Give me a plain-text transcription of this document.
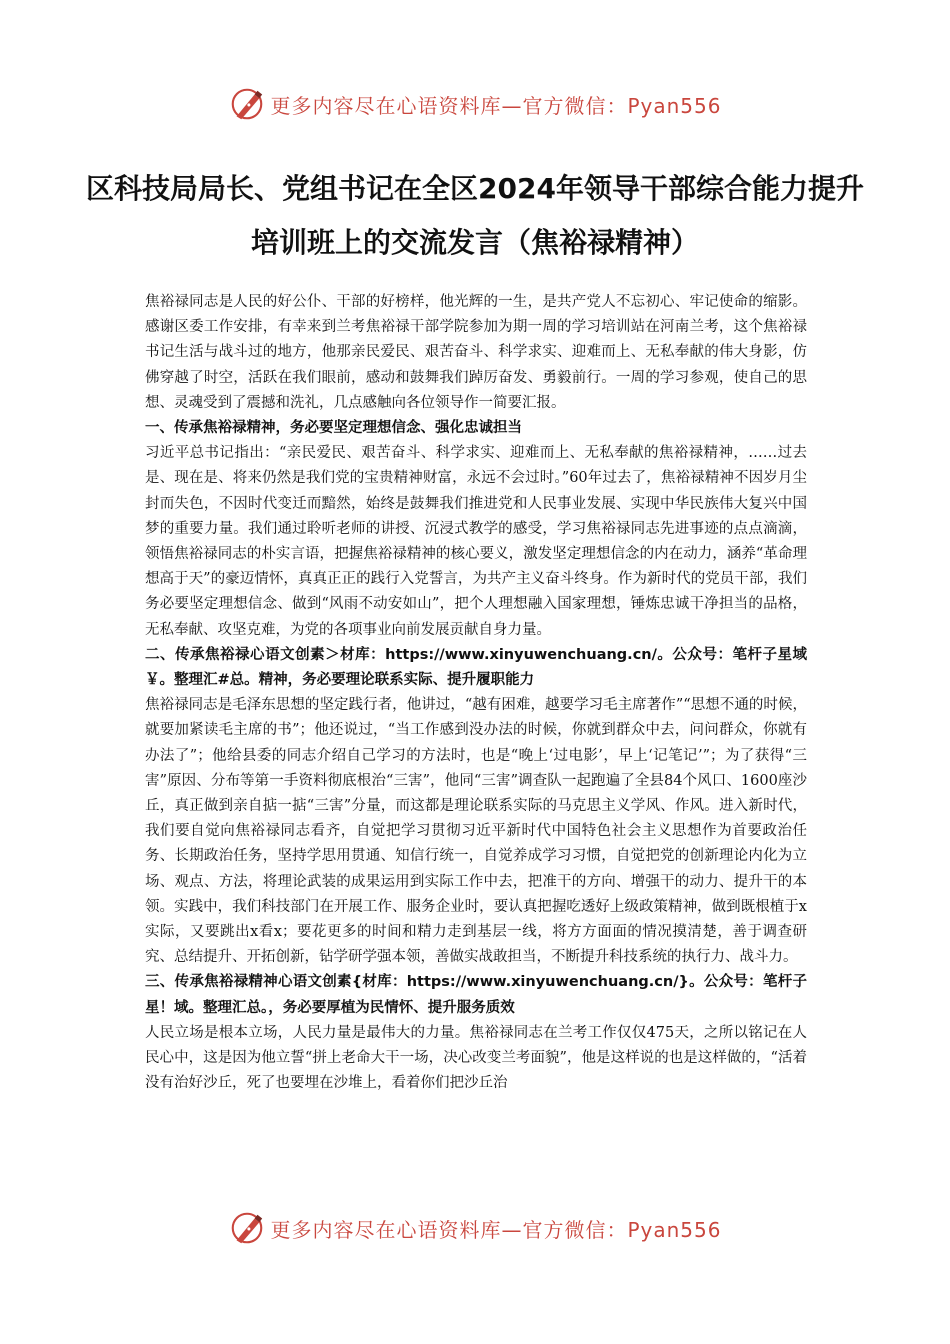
更多内容尽在心语资料库—官方微信：Pyan556
区科技局局长、党组书记在全区2024年领导干部综合能力提升培训班上的交流发言（焦裕禄精神）

焦裕禄同志是人民的好公仆、干部的好榜样，他光辉的一生，是共产党人不忘初心、牢记使命的缩影。感谢区委工作安排，有幸来到兰考焦裕禄干部学院参加为期一周的学习培训站在河南兰考，这个焦裕禄书记生活与战斗过的地方，他那亲民爱民、艰苦奋斗、科学求实、迎难而上、无私奉献的伟大身影，仿佛穿越了时空，活跃在我们眼前，感动和鼓舞我们踔厉奋发、勇毅前行。一周的学习参观，使自己的思想、灵魂受到了震撼和洗礼，几点感触向各位领导作一简要汇报。

一、传承焦裕禄精神，务必要坚定理想信念、强化忠诚担当

习近平总书记指出：“亲民爱民、艰苦奋斗、科学求实、迎难而上、无私奉献的焦裕禄精神，……过去是、现在是、将来仍然是我们党的宝贵精神财富，永远不会过时。”60年过去了，焦裕禄精神不因岁月尘封而失色，不因时代变迁而黯然，始终是鼓舞我们推进党和人民事业发展、实现中华民族伟大复兴中国梦的重要力量。我们通过聆听老师的讲授、沉浸式教学的感受，学习焦裕禄同志先进事迹的点点滴滴，领悟焦裕禄同志的朴实言语，把握焦裕禄精神的核心要义，激发坚定理想信念的内在动力，涵养“革命理想高于天”的豪迈情怀，真真正正的践行入党誓言，为共产主义奋斗终身。作为新时代的党员干部，我们务必要坚定理想信念、做到“风雨不动安如山”，把个人理想融入国家理想，锤炼忠诚干净担当的品格，无私奉献、攻坚克难，为党的各项事业向前发展贡献自身力量。

二、传承焦裕禄心语文创素＞材库：https://www.xinyuwenchuang.cn/。公众号：笔杆子星域￥。整理汇#总。精神，务必要理论联系实际、提升履职能力

焦裕禄同志是毛泽东思想的坚定践行者，他讲过，“越有困难，越要学习毛主席著作”“思想不通的时候，就要加紧读毛主席的书”；他还说过，“当工作感到没办法的时候，你就到群众中去，问问群众，你就有办法了”；他给县委的同志介绍自己学习的方法时，也是“晚上‘过电影’，早上‘记笔记’”；为了获得“三害”原因、分布等第一手资料彻底根治“三害”，他同“三害”调查队一起跑遍了全县84个风口、1600座沙丘，真正做到亲自掂一掂“三害”分量，而这都是理论联系实际的马克思主义学风、作风。进入新时代，我们要自觉向焦裕禄同志看齐，自觉把学习贯彻习近平新时代中国特色社会主义思想作为首要政治任务、长期政治任务，坚持学思用贯通、知信行统一，自觉养成学习习惯，自觉把党的创新理论内化为立场、观点、方法，将理论武装的成果运用到实际工作中去，把准干的方向、增强干的动力、提升干的本领。实践中，我们科技部门在开展工作、服务企业时，要认真把握吃透好上级政策精神，做到既根植于x实际，又要跳出x看x；要花更多的时间和精力走到基层一线，将方方面面的情况摸清楚，善于调查研究、总结提升、开拓创新，钻学研学强本领，善做实战敢担当，不断提升科技系统的执行力、战斗力。

三、传承焦裕禄精神心语文创素{材库：https://www.xinyuwenchuang.cn/}。公众号：笔杆子星！域。整理汇总。，务必要厚植为民情怀、提升服务质效

人民立场是根本立场，人民力量是最伟大的力量。焦裕禄同志在兰考工作仅仅475天，之所以铭记在人民心中，这是因为他立誓“拼上老命大干一场，决心改变兰考面貌”，他是这样说的也是这样做的，“活着没有治好沙丘，死了也要埋在沙堆上，看着你们把沙丘治

更多内容尽在心语资料库—官方微信：Pyan556
